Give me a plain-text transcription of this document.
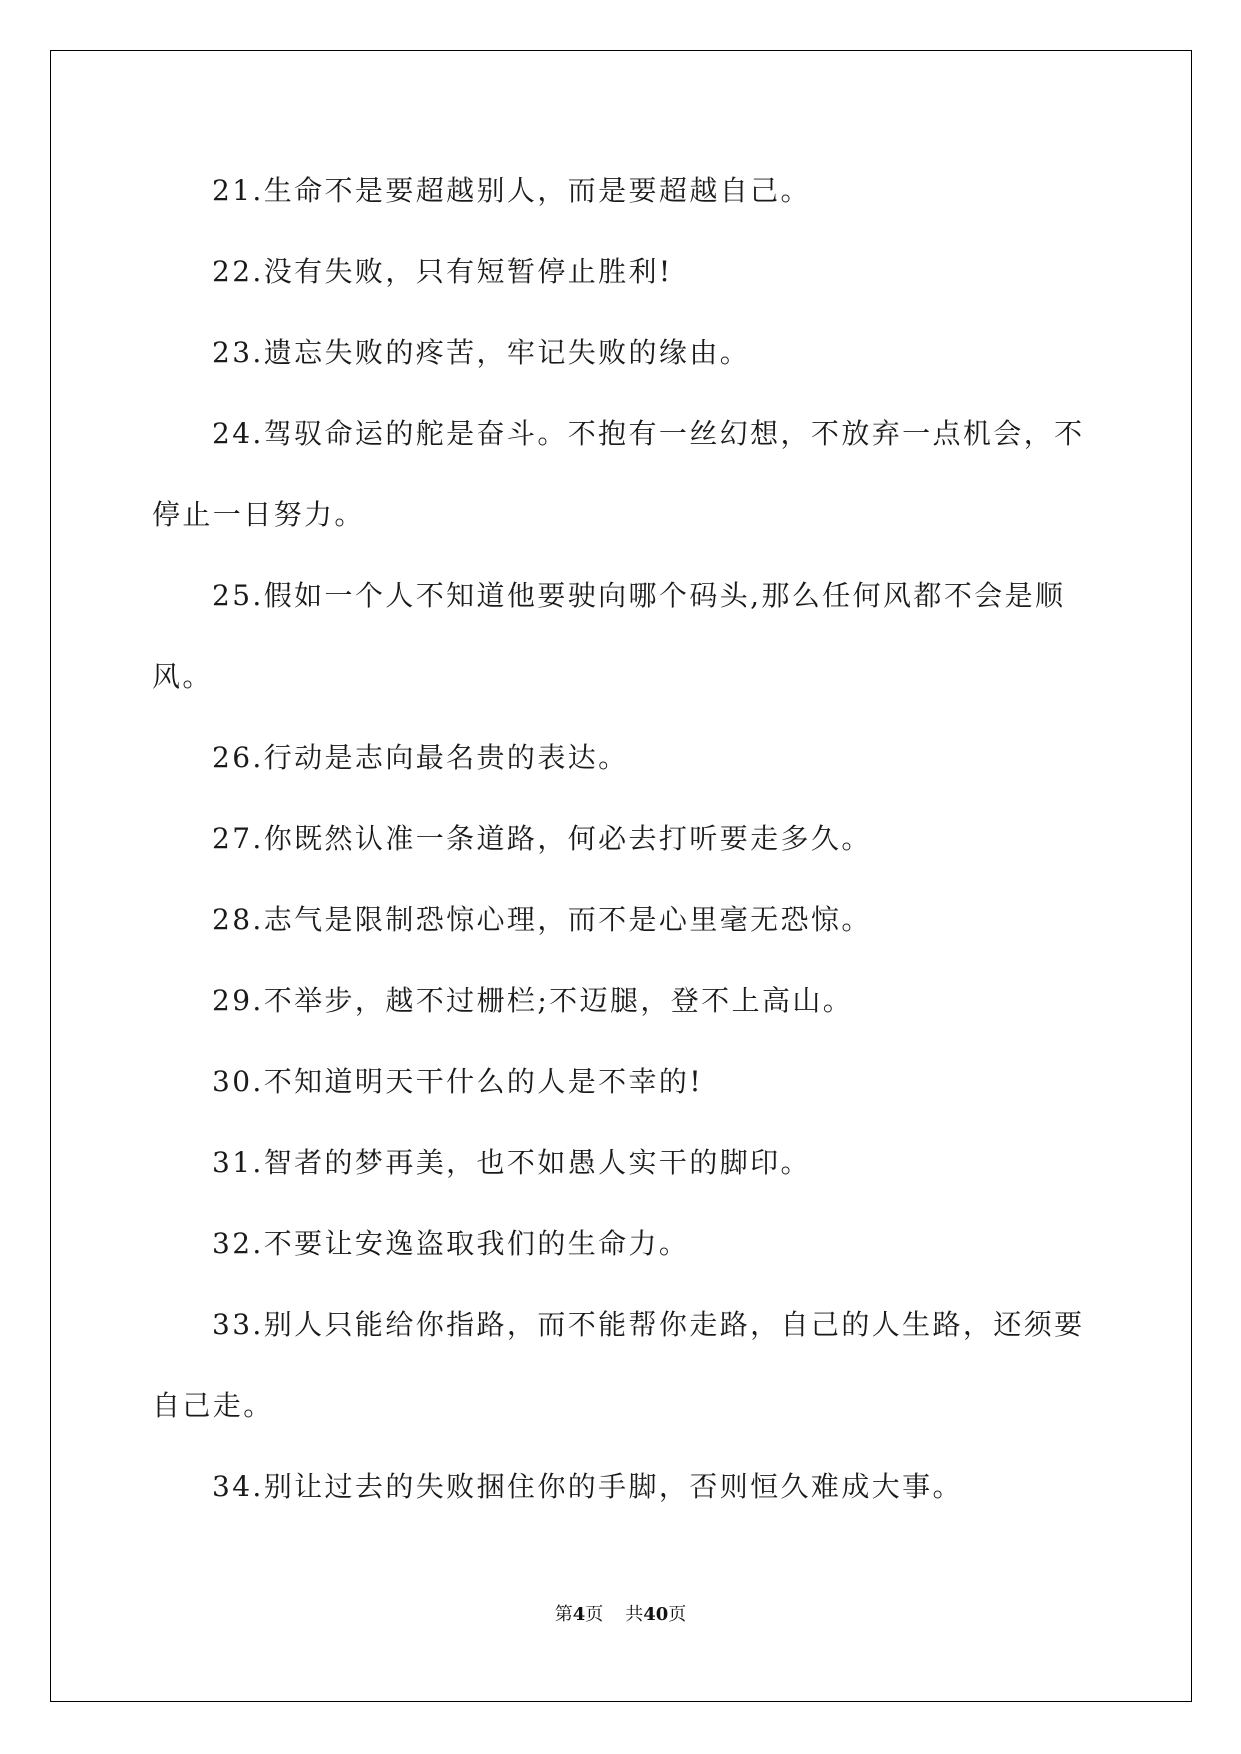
21.生命不是要超越别人，而是要超越自己。

22.没有失败，只有短暂停止胜利!

23.遗忘失败的疼苦，牢记失败的缘由。

24.驾驭命运的舵是奋斗。不抱有一丝幻想，不放弃一点机会，不停止一日努力。

25.假如一个人不知道他要驶向哪个码头,那么任何风都不会是顺风。

26.行动是志向最名贵的表达。

27.你既然认准一条道路，何必去打听要走多久。

28.志气是限制恐惊心理，而不是心里毫无恐惊。

29.不举步，越不过栅栏;不迈腿，登不上高山。

30.不知道明天干什么的人是不幸的!

31.智者的梦再美，也不如愚人实干的脚印。

32.不要让安逸盗取我们的生命力。

33.别人只能给你指路，而不能帮你走路，自己的人生路，还须要自己走。

34.别让过去的失败捆住你的手脚，否则恒久难成大事。

第4页 共40页
